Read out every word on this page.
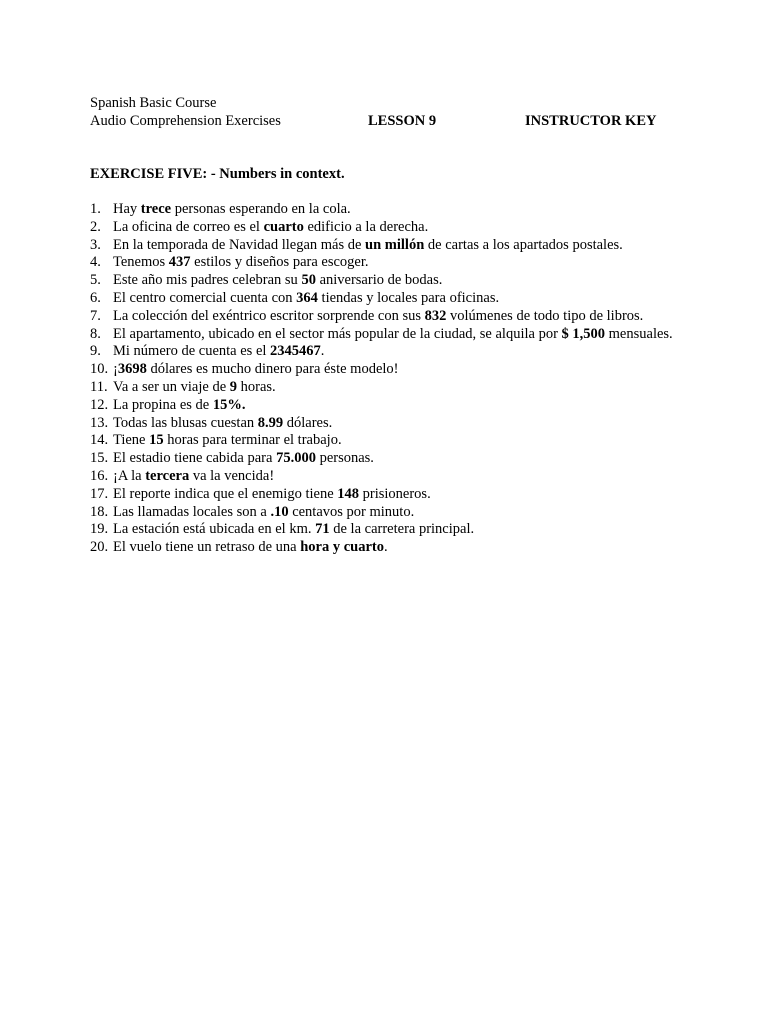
Spanish Basic Course
Audio Comprehension Exercises	LESSON 9	INSTRUCTOR KEY
EXERCISE FIVE: - Numbers in context.
1. Hay trece personas esperando en la cola.
2. La oficina de correo es el cuarto edificio a la derecha.
3. En la temporada de Navidad llegan más de un millón de cartas a los apartados postales.
4. Tenemos 437 estilos y diseños para escoger.
5. Este año mis padres celebran su 50 aniversario de bodas.
6. El centro comercial cuenta con 364 tiendas y locales para oficinas.
7. La colección del exéntrico escritor sorprende con sus 832 volúmenes de todo tipo de libros.
8. El apartamento, ubicado en el sector más popular de la ciudad, se alquila por $ 1,500 mensuales.
9. Mi número de cuenta es el 2345467.
10. ¡3698 dólares es mucho dinero para éste modelo!
11. Va a ser un viaje de 9 horas.
12. La propina es de 15%.
13. Todas las blusas cuestan 8.99 dólares.
14. Tiene 15 horas para terminar el trabajo.
15. El estadio tiene cabida para 75.000 personas.
16. ¡A la tercera va la vencida!
17. El reporte indica que el enemigo tiene 148 prisioneros.
18. Las llamadas locales son a .10 centavos por minuto.
19. La estación está ubicada en el km. 71 de la carretera principal.
20. El vuelo tiene un retraso de una hora y cuarto.
